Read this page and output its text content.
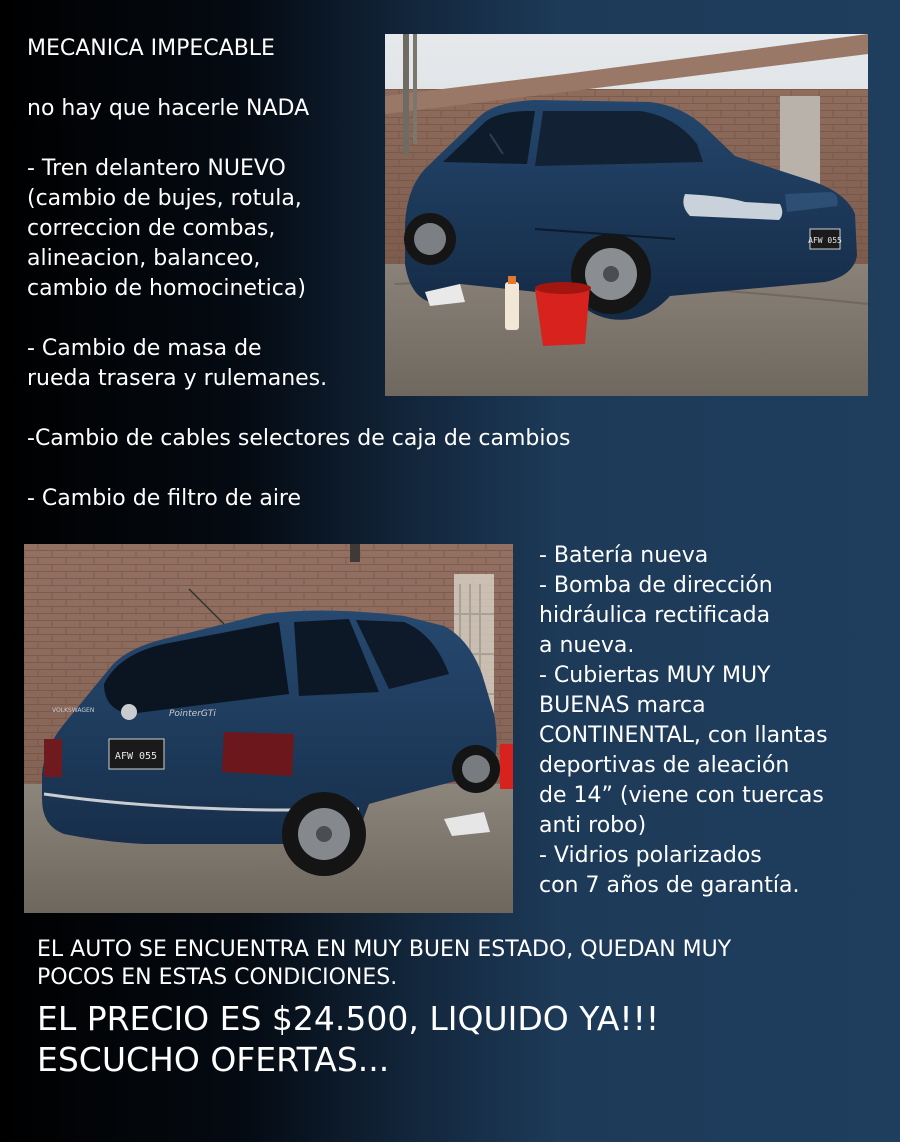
MECANICA IMPECABLE

no hay que hacerle NADA

- Tren delantero NUEVO
(cambio de bujes, rotula,
correccion de combas,
alineacion, balanceo,
cambio de homocinetica)

- Cambio de masa de
rueda trasera y rulemanes.

-Cambio de cables selectores de caja de cambios

- Cambio de filtro de aire
AFW 055
VOLKSWAGEN	PointerGTi
AFW 055
- Batería nueva
- Bomba de dirección
hidráulica rectificada
a nueva.
- Cubiertas MUY MUY
BUENAS marca
CONTINENTAL, con llantas
deportivas de aleación
de 14” (viene con tuercas
anti robo)
- Vidrios polarizados
con 7 años de garantía.
EL AUTO SE ENCUENTRA EN MUY BUEN ESTADO, QUEDAN MUY
POCOS EN ESTAS CONDICIONES.
EL PRECIO ES $24.500, LIQUIDO YA!!!
ESCUCHO OFERTAS...
